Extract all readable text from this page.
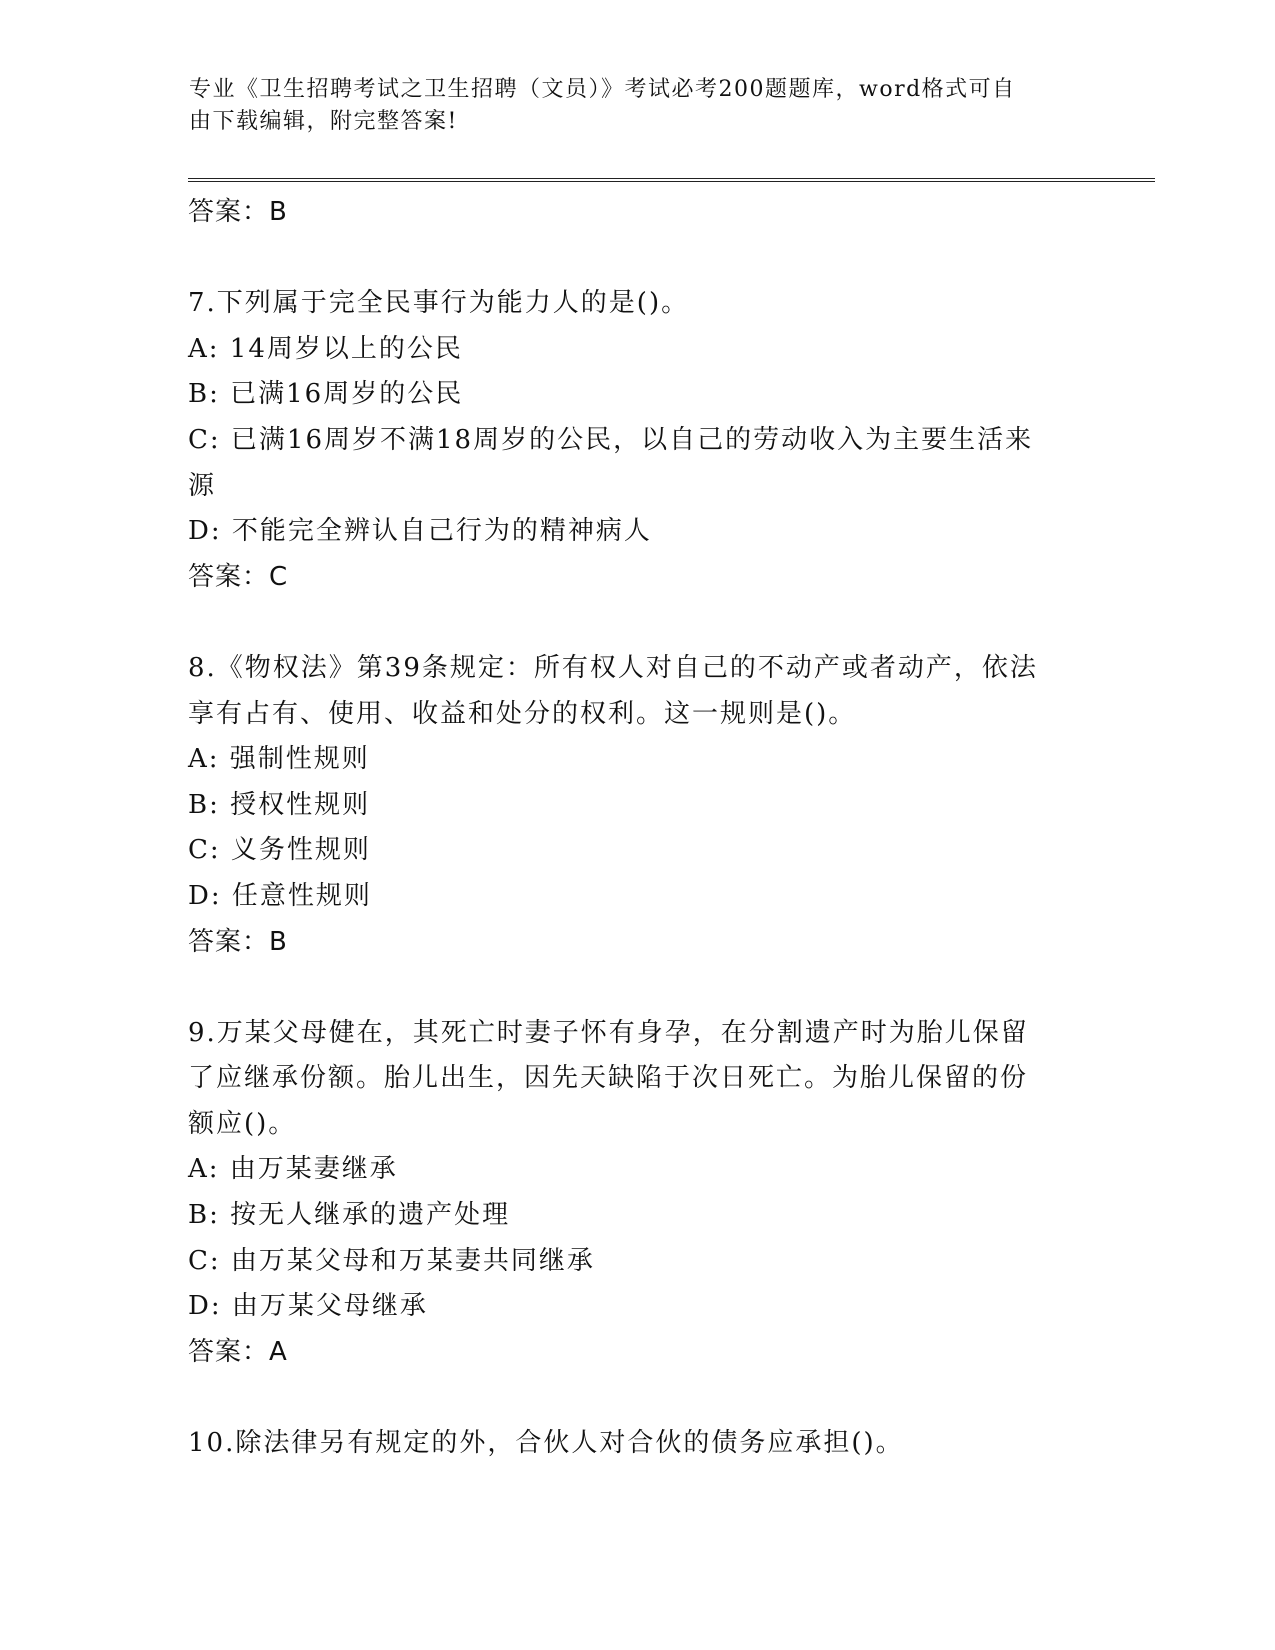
专业《卫生招聘考试之卫生招聘（文员）》考试必考200题题库，word格式可自
由下载编辑，附完整答案!
答案：B
7.下列属于完全民事行为能力人的是()。
A: 14周岁以上的公民
B: 已满16周岁的公民
C: 已满16周岁不满18周岁的公民，以自己的劳动收入为主要生活来
源
D: 不能完全辨认自己行为的精神病人
答案：C
8.《物权法》第39条规定：所有权人对自己的不动产或者动产，依法
享有占有、使用、收益和处分的权利。这一规则是()。
A: 强制性规则
B: 授权性规则
C: 义务性规则
D: 任意性规则
答案：B
9.万某父母健在，其死亡时妻子怀有身孕，在分割遗产时为胎儿保留
了应继承份额。胎儿出生，因先天缺陷于次日死亡。为胎儿保留的份
额应()。
A: 由万某妻继承
B: 按无人继承的遗产处理
C: 由万某父母和万某妻共同继承
D: 由万某父母继承
答案：A
10.除法律另有规定的外，合伙人对合伙的债务应承担()。
